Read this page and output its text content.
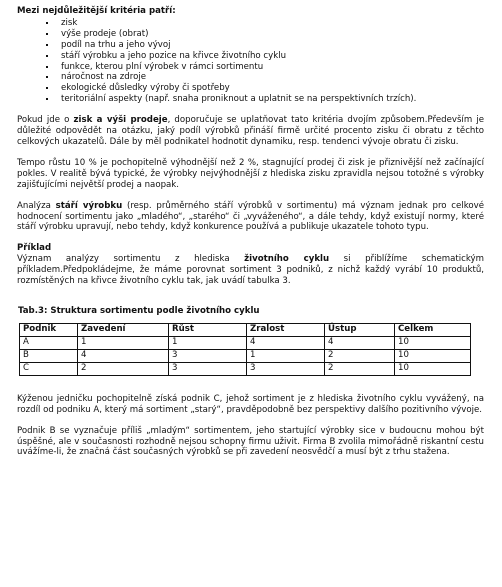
Mezi nejdůležitější kritéria patří:
▪ zisk
▪ výše prodeje (obrat)
▪ podíl na trhu a jeho vývoj
▪ stáří výrobku a jeho pozice na křivce životního cyklu
▪ funkce, kterou plní výrobek v rámci sortimentu
▪ náročnost na zdroje
▪ ekologické důsledky výroby či spotřeby
▪ teritoriální aspekty (např. snaha proniknout a uplatnit se na perspektivních trzích).

Pokud jde o zisk a výši prodeje, doporučuje se uplatňovat tato kritéria dvojím způsobem.Především je důležité odpovědět na otázku, jaký podíl výrobků přináší firmě určité procento zisku či obratu z těchto celkových ukazatelů. Dále by měl podnikatel hodnotit dynamiku, resp. tendenci vývoje obratu či zisku.

Tempo růstu 10 % je pochopitelně výhodnější než 2 %, stagnující prodej či zisk je přiznivější než začínající pokles. V realitě bývá typické, že výrobky nejvýhodnější z hlediska zisku zpravidla nejsou totožné s výrobky zajišťujícími největší prodej a naopak.

Analýza stáří výrobku (resp. průměrného stáří výrobků v sortimentu) má význam jednak pro celkové hodnocení sortimentu jako „mladého“, „starého“ či „vyváženého“, a dále tehdy, když existují normy, které stáří výrobku upravují, nebo tehdy, když konkurence používá a publikuje ukazatele tohoto typu.

Příklad

Význam analýzy sortimentu z hlediska životního cyklu si přiblížíme schematickým příkladem.Předpokládejme, že máme porovnat sortiment 3 podniků, z nichž každý vyrábí 10 produktů, rozmístěných na křivce životního cyklu tak, jak uvádí tabulka 3.

Tab.3: Struktura sortimentu podle životního cyklu
Podnik	Zavedení	Růst	Zralost	Ústup	Celkem
A	1	1	4	4	10
B	4	3	1	2	10
C	2	3	3	2	10

Kýženou jedničku pochopitelně získá podnik C, jehož sortiment je z hlediska životního cyklu vyvážený, na rozdíl od podniku A, který má sortiment „starý“, pravděpodobně bez perspektivy dalšího pozitivního vývoje.

Podnik B se vyznačuje příliš „mladým“ sortimentem, jeho startující výrobky sice v budoucnu mohou být úspěšné, ale v současnosti rozhodně nejsou schopny firmu uživit. Firma B zvolila mimořádně riskantní cestu uvážíme-li, že značná část současných výrobků se při zavedení neosvědčí a musí být z trhu stažena.
